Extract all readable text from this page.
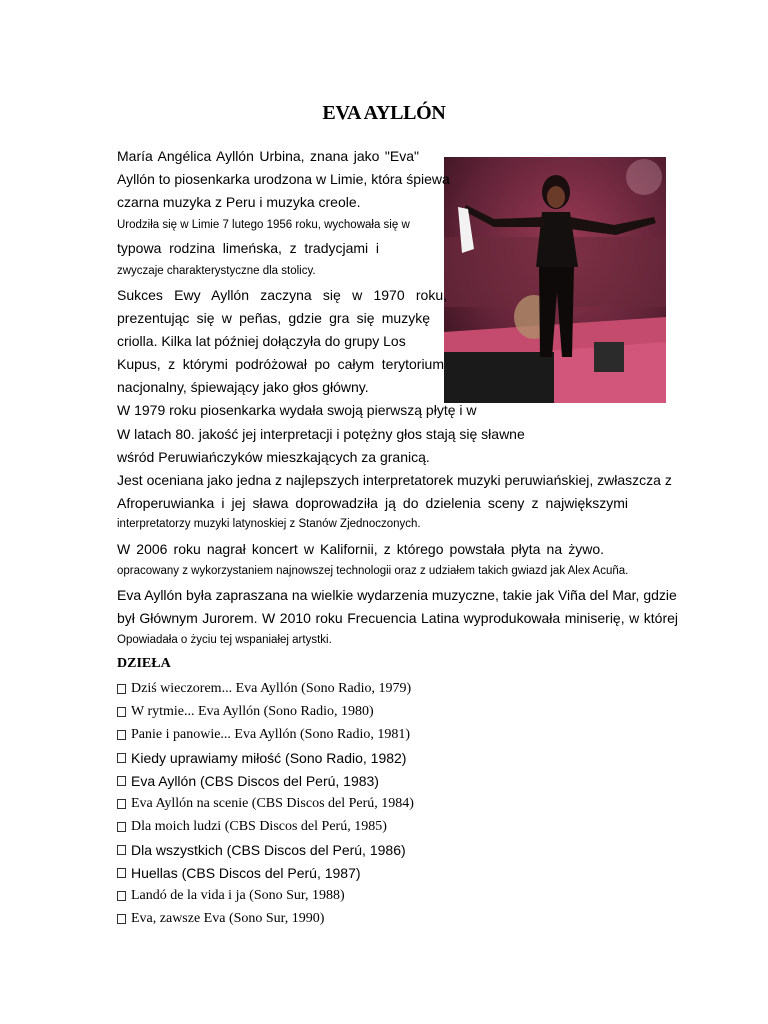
EVA AYLLÓN
María Angélica Ayllón Urbina, znana jako "Eva"
Ayllón to piosenkarka urodzona w Limie, która śpiewa
czarna muzyka z Peru i muzyka creole.
Urodziła się w Limie 7 lutego 1956 roku, wychowała się w
typowa rodzina limeńska, z tradycjami i
zwyczaje charakterystyczne dla stolicy.
Sukces Ewy Ayllón zaczyna się w 1970 roku,
prezentując się w peñas, gdzie gra się muzykę
criolla. Kilka lat później dołączyła do grupy Los
Kupus, z którymi podróżował po całym terytorium
nacjonalny, śpiewający jako głos główny.
W 1979 roku piosenkarka wydała swoją pierwszą płytę i w
W latach 80. jakość jej interpretacji i potężny głos stają się sławne
wśród Peruwiańczyków mieszkających za granicą.
Jest oceniana jako jedna z najlepszych interpretatorek muzyki peruwiańskiej, zwłaszcza z
Afroperuwianka i jej sława doprowadziła ją do dzielenia sceny z największymi
interpretatorzy muzyki latynoskiej z Stanów Zjednoczonych.
W 2006 roku nagrał koncert w Kalifornii, z którego powstała płyta na żywo.
opracowany z wykorzystaniem najnowszej technologii oraz z udziałem takich gwiazd jak Alex Acuña.
Eva Ayllón była zapraszana na wielkie wydarzenia muzyczne, takie jak Viña del Mar, gdzie
był Głównym Jurorem. W 2010 roku Frecuencia Latina wyprodukowała miniserię, w której
Opowiadała o życiu tej wspaniałej artystki.
DZIEŁA
Dziś wieczorem... Eva Ayllón (Sono Radio, 1979)
W rytmie... Eva Ayllón (Sono Radio, 1980)
Panie i panowie... Eva Ayllón (Sono Radio, 1981)
Kiedy uprawiamy miłość (Sono Radio, 1982)
Eva Ayllón (CBS Discos del Perú, 1983)
Eva Ayllón na scenie (CBS Discos del Perú, 1984)
Dla moich ludzi (CBS Discos del Perú, 1985)
Dla wszystkich (CBS Discos del Perú, 1986)
Huellas (CBS Discos del Perú, 1987)
Landó de la vida i ja (Sono Sur, 1988)
Eva, zawsze Eva (Sono Sur, 1990)
